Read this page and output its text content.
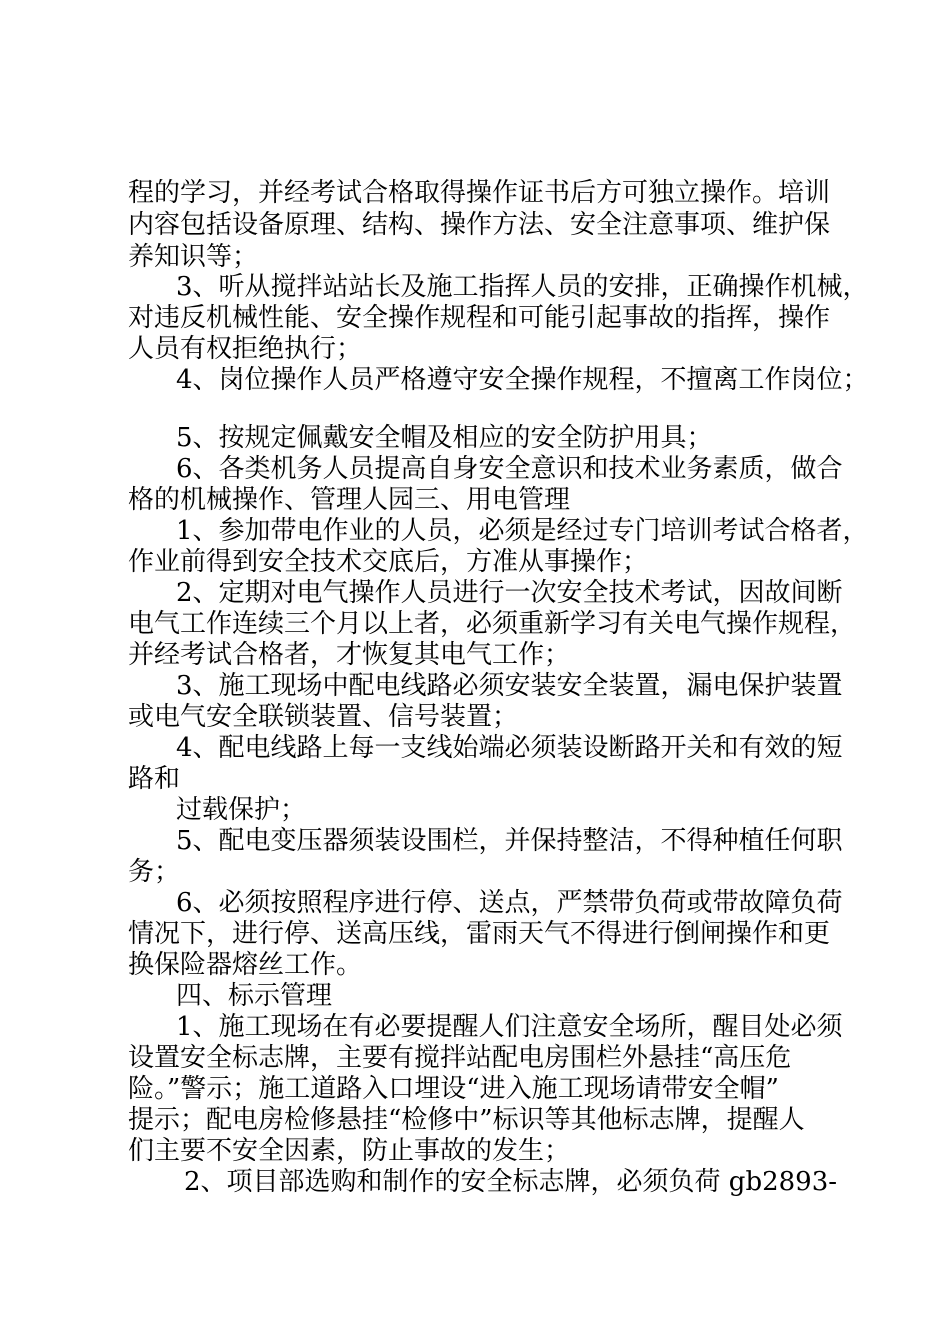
程的学习，并经考试合格取得操作证书后方可独立操作。培训
内容包括设备原理、结构、操作方法、安全注意事项、维护保
养知识等；
3、听从搅拌站站长及施工指挥人员的安排，正确操作机械，
对违反机械性能、安全操作规程和可能引起事故的指挥，操作
人员有权拒绝执行；
4、岗位操作人员严格遵守安全操作规程，不擅离工作岗位；
5、按规定佩戴安全帽及相应的安全防护用具；
6、各类机务人员提高自身安全意识和技术业务素质，做合
格的机械操作、管理人园三、用电管理
1、参加带电作业的人员，必须是经过专门培训考试合格者，
作业前得到安全技术交底后，方准从事操作；
2、定期对电气操作人员进行一次安全技术考试，因故间断
电气工作连续三个月以上者，必须重新学习有关电气操作规程，
并经考试合格者，才恢复其电气工作；
3、施工现场中配电线路必须安装安全装置，漏电保护装置
或电气安全联锁装置、信号装置；
4、配电线路上每一支线始端必须装设断路开关和有效的短
路和
过载保护；
5、配电变压器须装设围栏，并保持整洁，不得种植任何职
务；
6、必须按照程序进行停、送点，严禁带负荷或带故障负荷
情况下，进行停、送高压线，雷雨天气不得进行倒闸操作和更
换保险器熔丝工作。
四、标示管理
1、施工现场在有必要提醒人们注意安全场所，醒目处必须
设置安全标志牌，主要有搅拌站配电房围栏外悬挂“高压危
险。”警示；施工道路入口埋设“进入施工现场请带安全帽”
提示；配电房检修悬挂“检修中”标识等其他标志牌，提醒人
们主要不安全因素，防止事故的发生；
2、项目部选购和制作的安全标志牌，必须负荷 gb2893-
